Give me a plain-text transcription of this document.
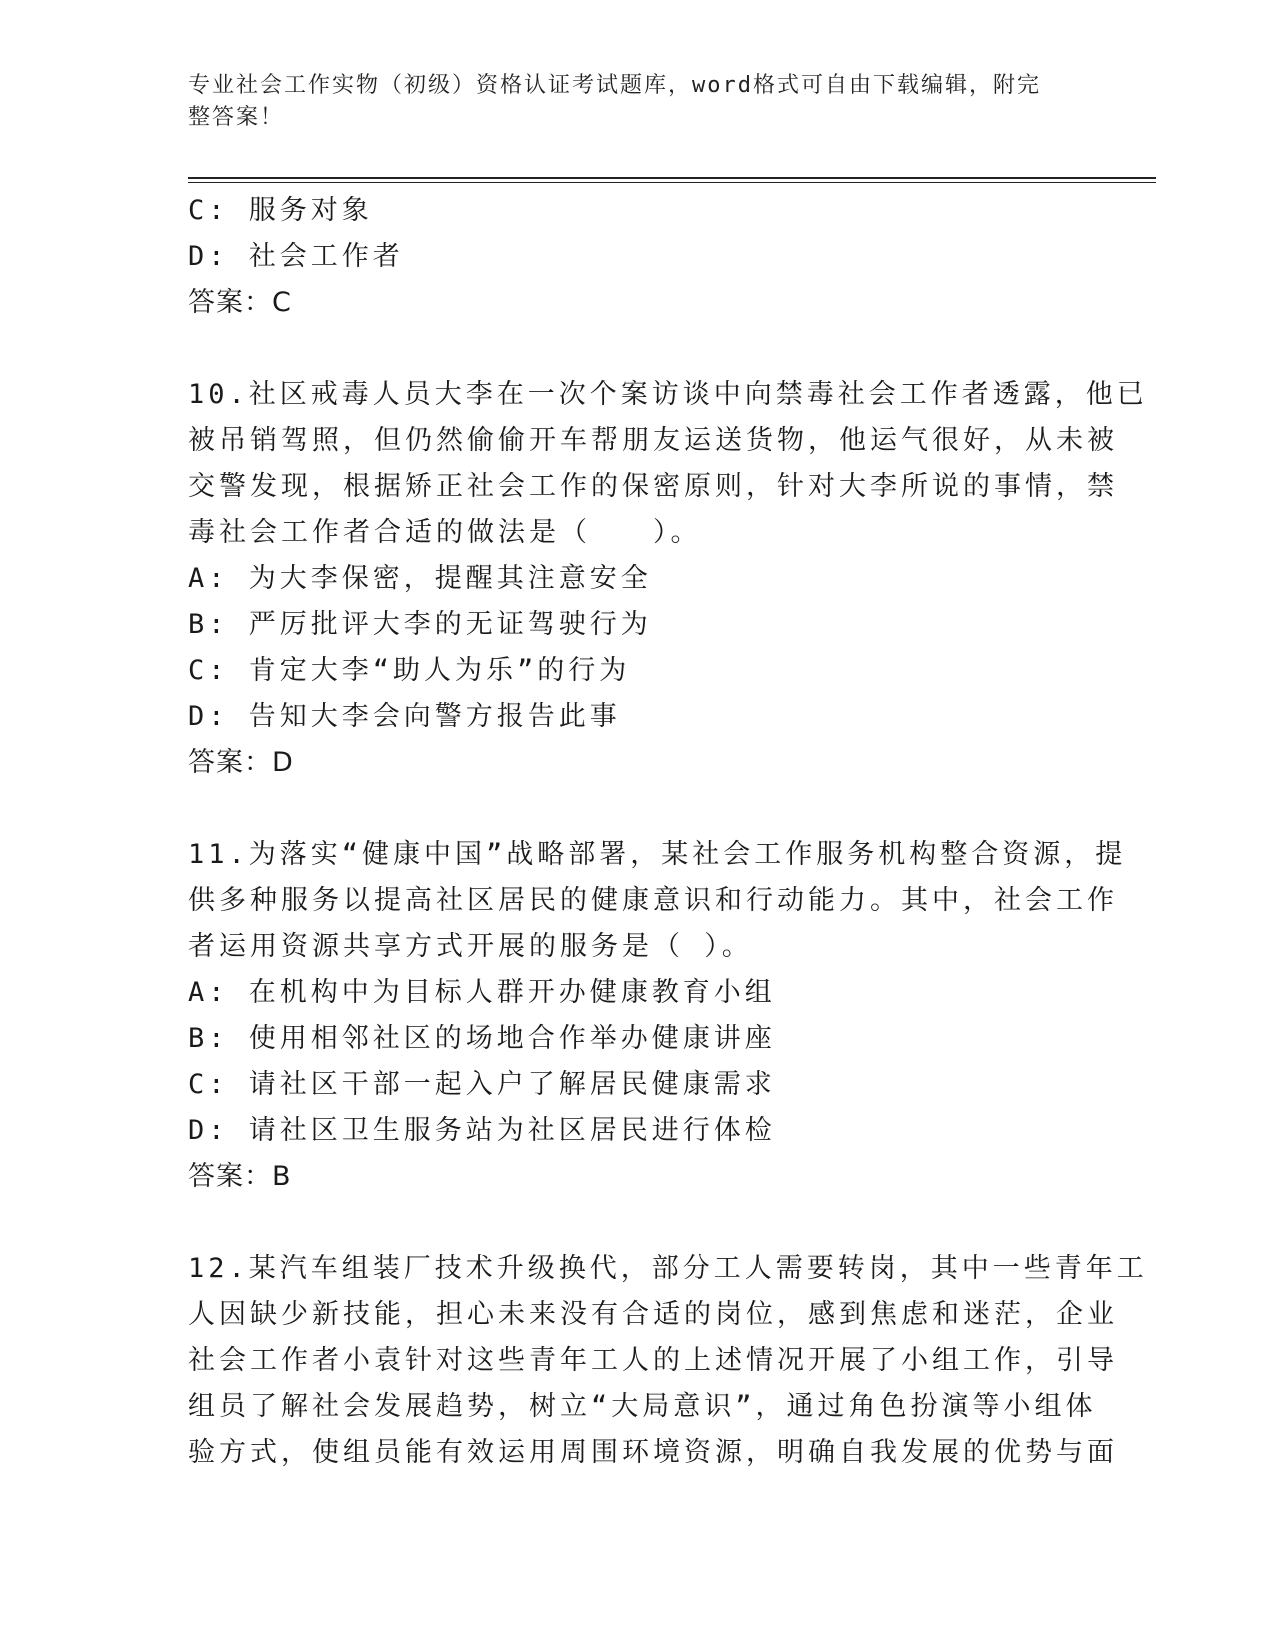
专业社会工作实物（初级）资格认证考试题库，word格式可自由下载编辑，附完
整答案！
C: 服务对象
D: 社会工作者
答案：C
10.社区戒毒人员大李在一次个案访谈中向禁毒社会工作者透露，他已
被吊销驾照，但仍然偷偷开车帮朋友运送货物，他运气很好，从未被
交警发现，根据矫正社会工作的保密原则，针对大李所说的事情，禁
毒社会工作者合适的做法是（　　）。
A: 为大李保密，提醒其注意安全
B: 严厉批评大李的无证驾驶行为
C: 肯定大李“助人为乐”的行为
D: 告知大李会向警方报告此事
答案：D
11.为落实“健康中国”战略部署，某社会工作服务机构整合资源，提
供多种服务以提高社区居民的健康意识和行动能力。其中，社会工作
者运用资源共享方式开展的服务是（ ）。
A: 在机构中为目标人群开办健康教育小组
B: 使用相邻社区的场地合作举办健康讲座
C: 请社区干部一起入户了解居民健康需求
D: 请社区卫生服务站为社区居民进行体检
答案：B
12.某汽车组装厂技术升级换代，部分工人需要转岗，其中一些青年工
人因缺少新技能，担心未来没有合适的岗位，感到焦虑和迷茫，企业
社会工作者小袁针对这些青年工人的上述情况开展了小组工作，引导
组员了解社会发展趋势，树立“大局意识”，通过角色扮演等小组体
验方式，使组员能有效运用周围环境资源，明确自我发展的优势与面
